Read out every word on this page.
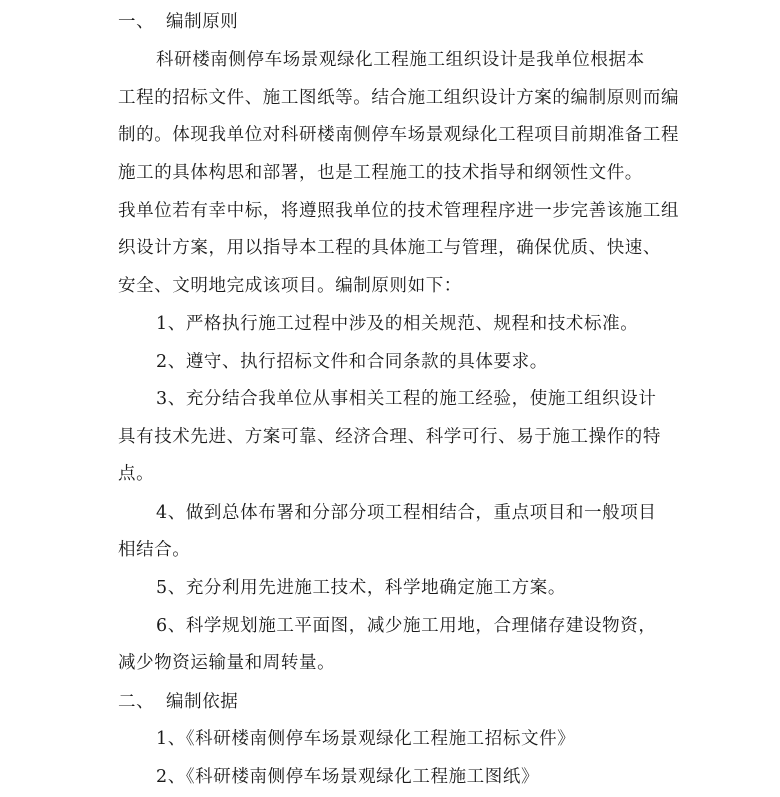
一、 编制原则
科研楼南侧停车场景观绿化工程施工组织设计是我单位根据本
工程的招标文件、施工图纸等。结合施工组织设计方案的编制原则而编
制的。体现我单位对科研楼南侧停车场景观绿化工程项目前期准备工程
施工的具体构思和部署，也是工程施工的技术指导和纲领性文件。
我单位若有幸中标，将遵照我单位的技术管理程序进一步完善该施工组
织设计方案，用以指导本工程的具体施工与管理，确保优质、快速、
安全、文明地完成该项目。编制原则如下：
1、严格执行施工过程中涉及的相关规范、规程和技术标准。
2、遵守、执行招标文件和合同条款的具体要求。
3、充分结合我单位从事相关工程的施工经验，使施工组织设计
具有技术先进、方案可靠、经济合理、科学可行、易于施工操作的特
点。
4、做到总体布署和分部分项工程相结合，重点项目和一般项目
相结合。
5、充分利用先进施工技术，科学地确定施工方案。
6、科学规划施工平面图，减少施工用地，合理储存建设物资，
减少物资运输量和周转量。
二、 编制依据
1、《科研楼南侧停车场景观绿化工程施工招标文件》
2、《科研楼南侧停车场景观绿化工程施工图纸》
